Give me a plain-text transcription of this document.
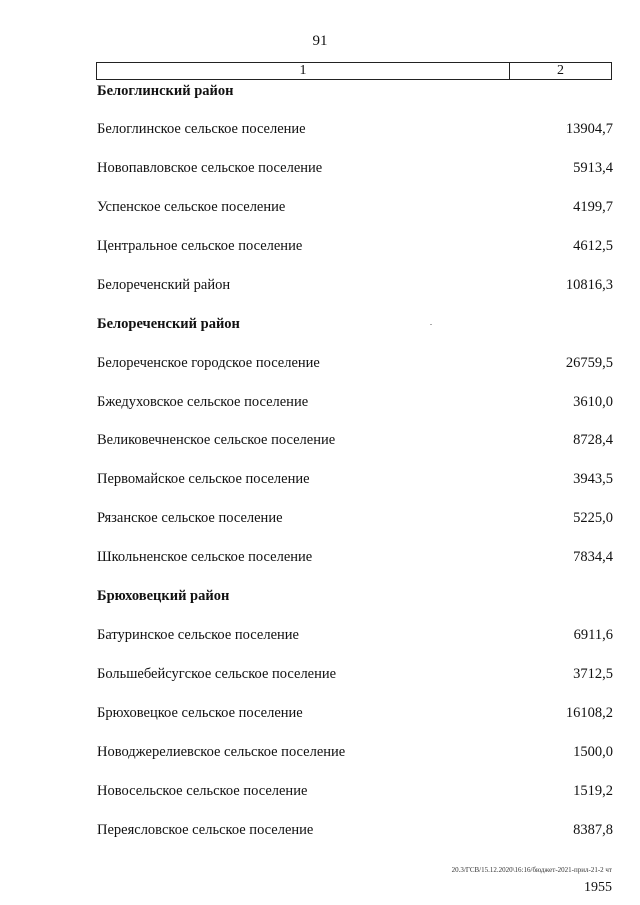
91
1	2
Белоглинский район
Белоглинское сельское поселение	13904,7
Новопавловское сельское поселение	5913,4
Успенское сельское поселение	4199,7
Центральное сельское поселение	4612,5
Белореченский район	10816,3
Белореченский район
Белореченское городское поселение	26759,5
Бжедуховское сельское поселение	3610,0
Великовечненское сельское поселение	8728,4
Первомайское сельское поселение	3943,5
Рязанское сельское поселение	5225,0
Школьненское сельское поселение	7834,4
Брюховецкий район
Батуринское сельское поселение	6911,6
Большебейсугское сельское поселение	3712,5
Брюховецкое сельское поселение	16108,2
Новоджерелиевское сельское поселение	1500,0
Новосельское сельское поселение	1519,2
Переясловское сельское поселение	8387,8
20.3/ГСВ/15.12.2020\16:16/бюджет-2021-прил-21-2 чт
1955
